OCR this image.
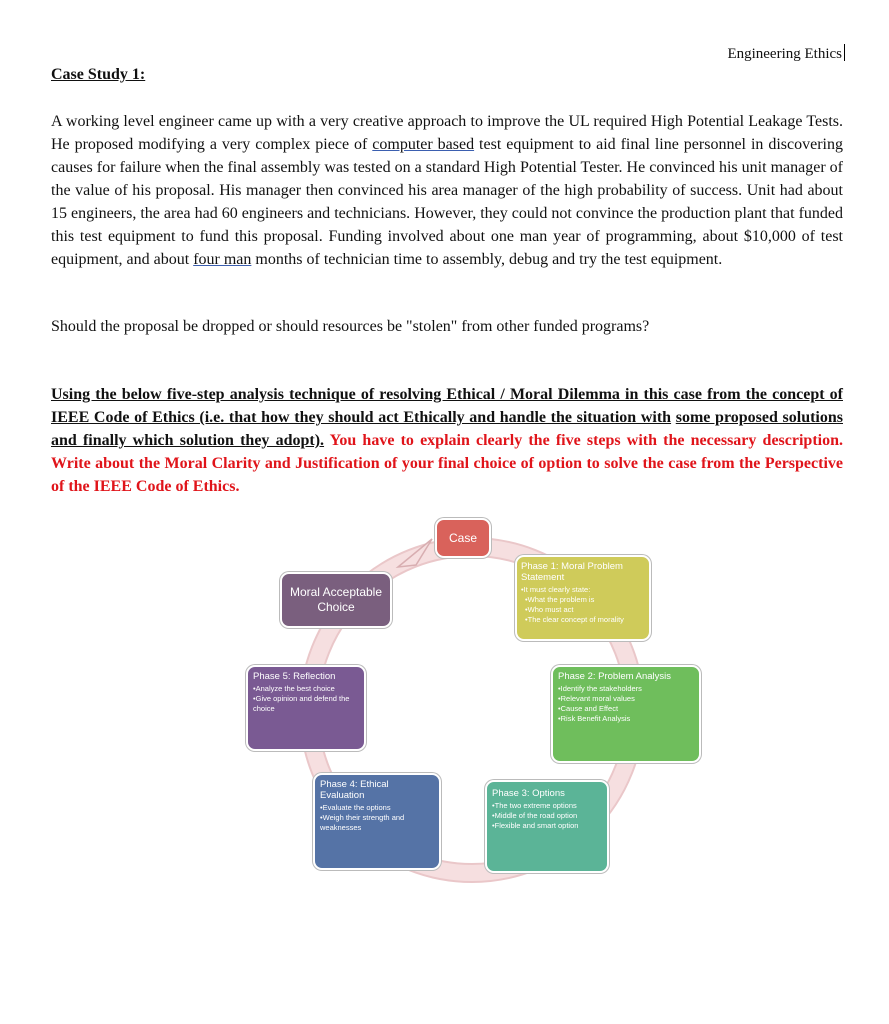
Engineering Ethics
Case Study 1:
A working level engineer came up with a very creative approach to improve the UL required High Potential Leakage Tests. He proposed modifying a very complex piece of computer based test equipment to aid final line personnel in discovering causes for failure when the final assembly was tested on a standard High Potential Tester. He convinced his unit manager of the value of his proposal. His manager then convinced his area manager of the high probability of success. Unit had about 15 engineers, the area had 60 engineers and technicians. However, they could not convince the production plant that funded this test equipment to fund this proposal. Funding involved about one man year of programming, about $10,000 of test equipment, and about four man months of technician time to assembly, debug and try the test equipment.
Should the proposal be dropped or should resources be "stolen" from other funded programs?
Using the below five-step analysis technique of resolving Ethical / Moral Dilemma in this case from the concept of IEEE Code of Ethics (i.e. that how they should act Ethically and handle the situation with some proposed solutions and finally which solution they adopt). You have to explain clearly the five steps with the necessary description. Write about the Moral Clarity and Justification of your final choice of option to solve the case from the Perspective of the IEEE Code of Ethics.
Case
Moral Acceptable Choice
Phase 1: Moral Problem Statement
•It must clearly state:
•What the problem is
•Who must act
•The clear concept of morality
Phase 2: Problem Analysis
•Identify the stakeholders
•Relevant moral values
•Cause and Effect
•Risk Benefit Analysis
Phase 3: Options
•The two extreme options
•Middle of the road option
•Flexible and smart option
Phase 4: Ethical Evaluation
•Evaluate the options
•Weigh their strength and weaknesses
Phase 5: Reflection
•Analyze the best choice
•Give opinion and defend the choice
